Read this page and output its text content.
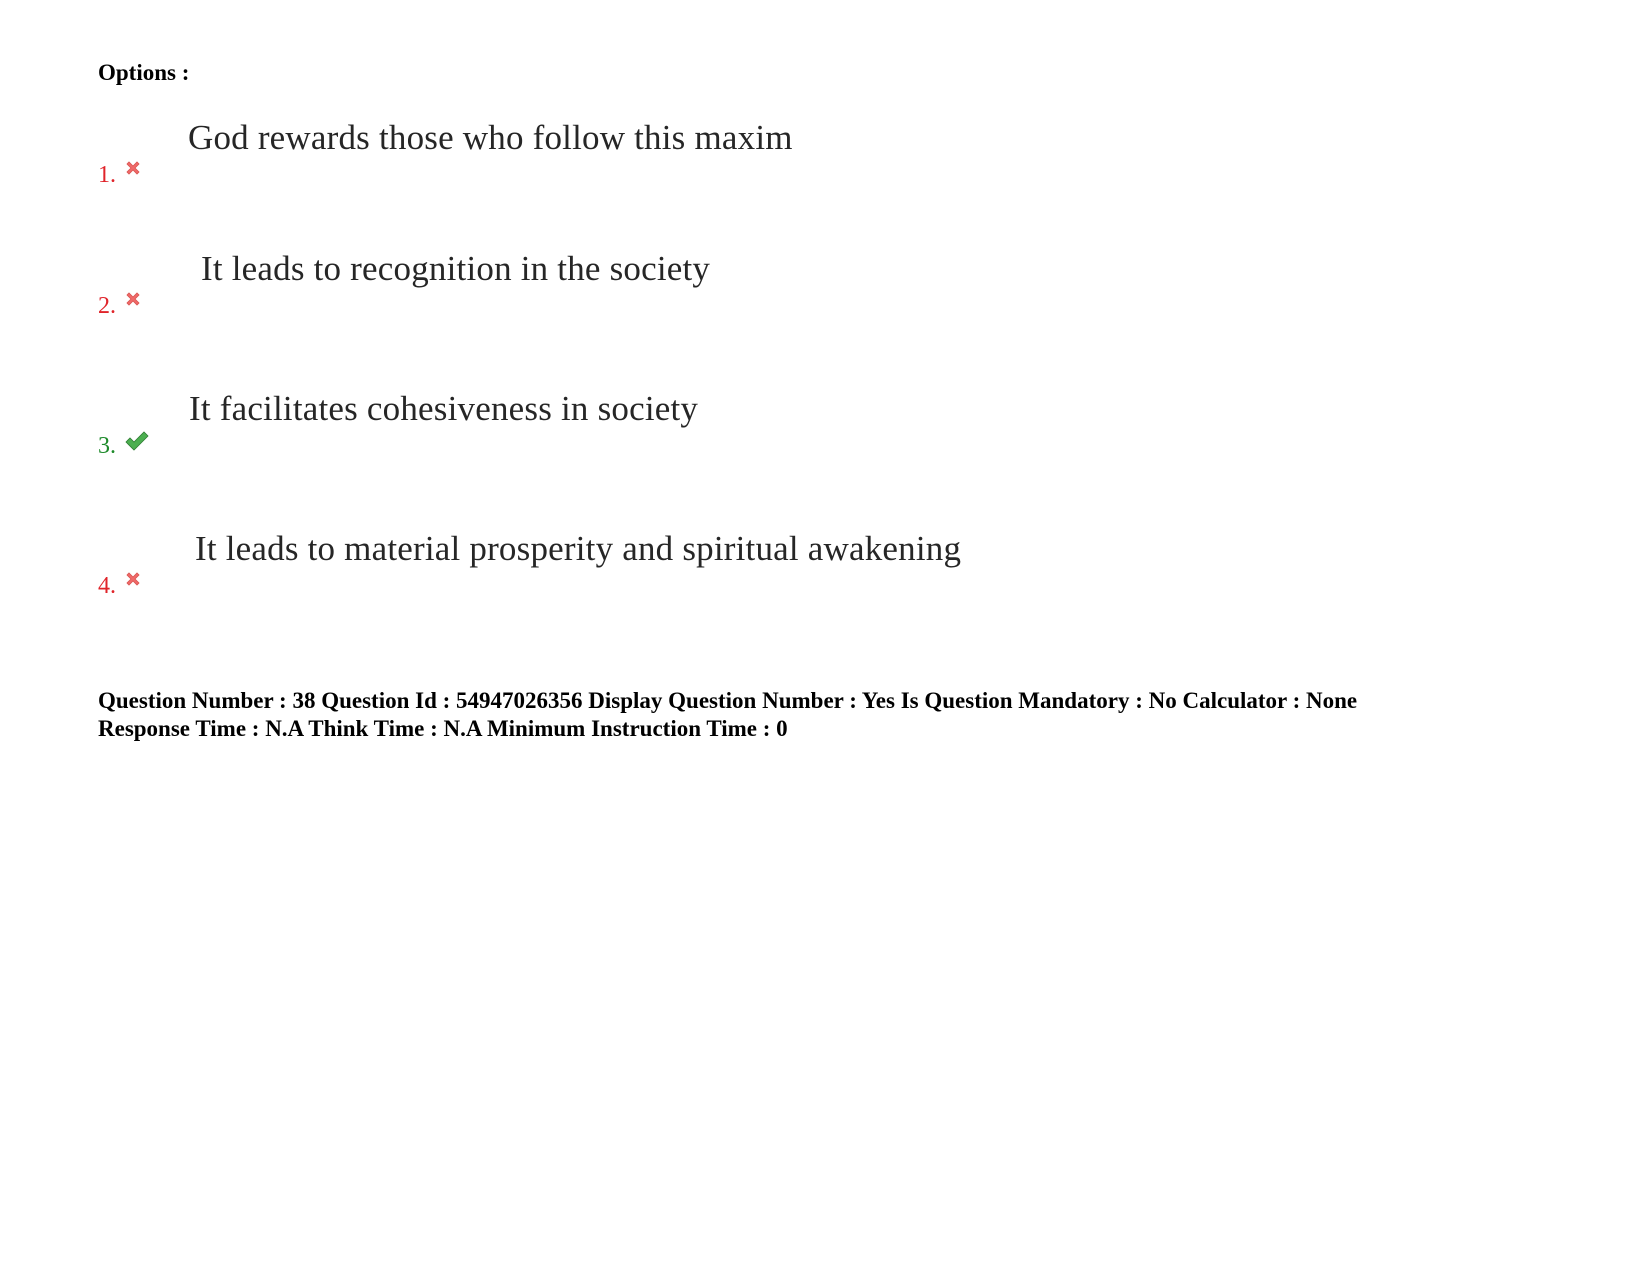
Options :
God rewards those who follow this maxim
1.
It leads to recognition in the society
2.
It facilitates cohesiveness in society
3.
It leads to material prosperity and spiritual awakening
4.

Question Number : 38 Question Id : 54947026356 Display Question Number : Yes Is Question Mandatory : No Calculator : None
Response Time : N.A Think Time : N.A Minimum Instruction Time : 0
